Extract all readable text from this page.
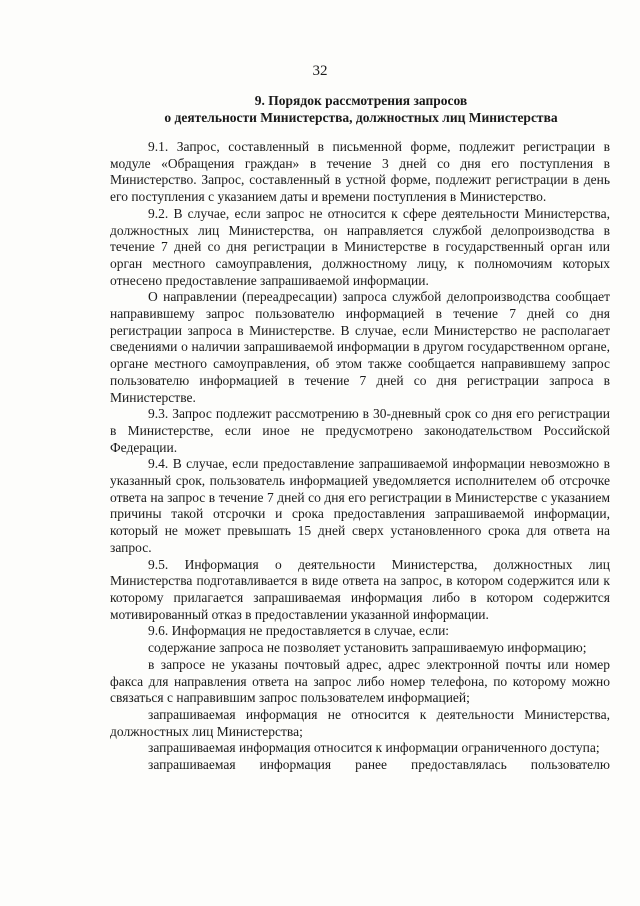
32
9. Порядок рассмотрения запросов
о деятельности Министерства, должностных лиц Министерства

9.1. Запрос, составленный в письменной форме, подлежит регистрации в модуле «Обращения граждан» в течение 3 дней со дня его поступления в Министерство. Запрос, составленный в устной форме, подлежит регистрации в день его поступления с указанием даты и времени поступления в Министерство.

9.2. В случае, если запрос не относится к сфере деятельности Министерства, должностных лиц Министерства, он направляется службой делопроизводства в течение 7 дней со дня регистрации в Министерстве в государственный орган или орган местного самоуправления, должностному лицу, к полномочиям которых отнесено предоставление запрашиваемой информации.

О направлении (переадресации) запроса службой делопроизводства сообщает направившему запрос пользователю информацией в течение 7 дней со дня регистрации запроса в Министерстве. В случае, если Министерство не располагает сведениями о наличии запрашиваемой информации в другом государственном органе, органе местного самоуправления, об этом также сообщается направившему запрос пользователю информацией в течение 7 дней со дня регистрации запроса в Министерстве.

9.3. Запрос подлежит рассмотрению в 30-дневный срок со дня его регистрации в Министерстве, если иное не предусмотрено законодательством Российской Федерации.

9.4. В случае, если предоставление запрашиваемой информации невозможно в указанный срок, пользователь информацией уведомляется исполнителем об отсрочке ответа на запрос в течение 7 дней со дня его регистрации в Министерстве с указанием причины такой отсрочки и срока предоставления запрашиваемой информации, который не может превышать 15 дней сверх установленного срока для ответа на запрос.

9.5. Информация о деятельности Министерства, должностных лиц Министерства подготавливается в виде ответа на запрос, в котором содержится или к которому прилагается запрашиваемая информация либо в котором содержится мотивированный отказ в предоставлении указанной информации.

9.6. Информация не предоставляется в случае, если:

содержание запроса не позволяет установить запрашиваемую информацию;

в запросе не указаны почтовый адрес, адрес электронной почты или номер факса для направления ответа на запрос либо номер телефона, по которому можно связаться с направившим запрос пользователем информацией;

запрашиваемая информация не относится к деятельности Министерства, должностных лиц Министерства;

запрашиваемая информация относится к информации ограниченного доступа;

запрашиваемая информация ранее предоставлялась пользователю
